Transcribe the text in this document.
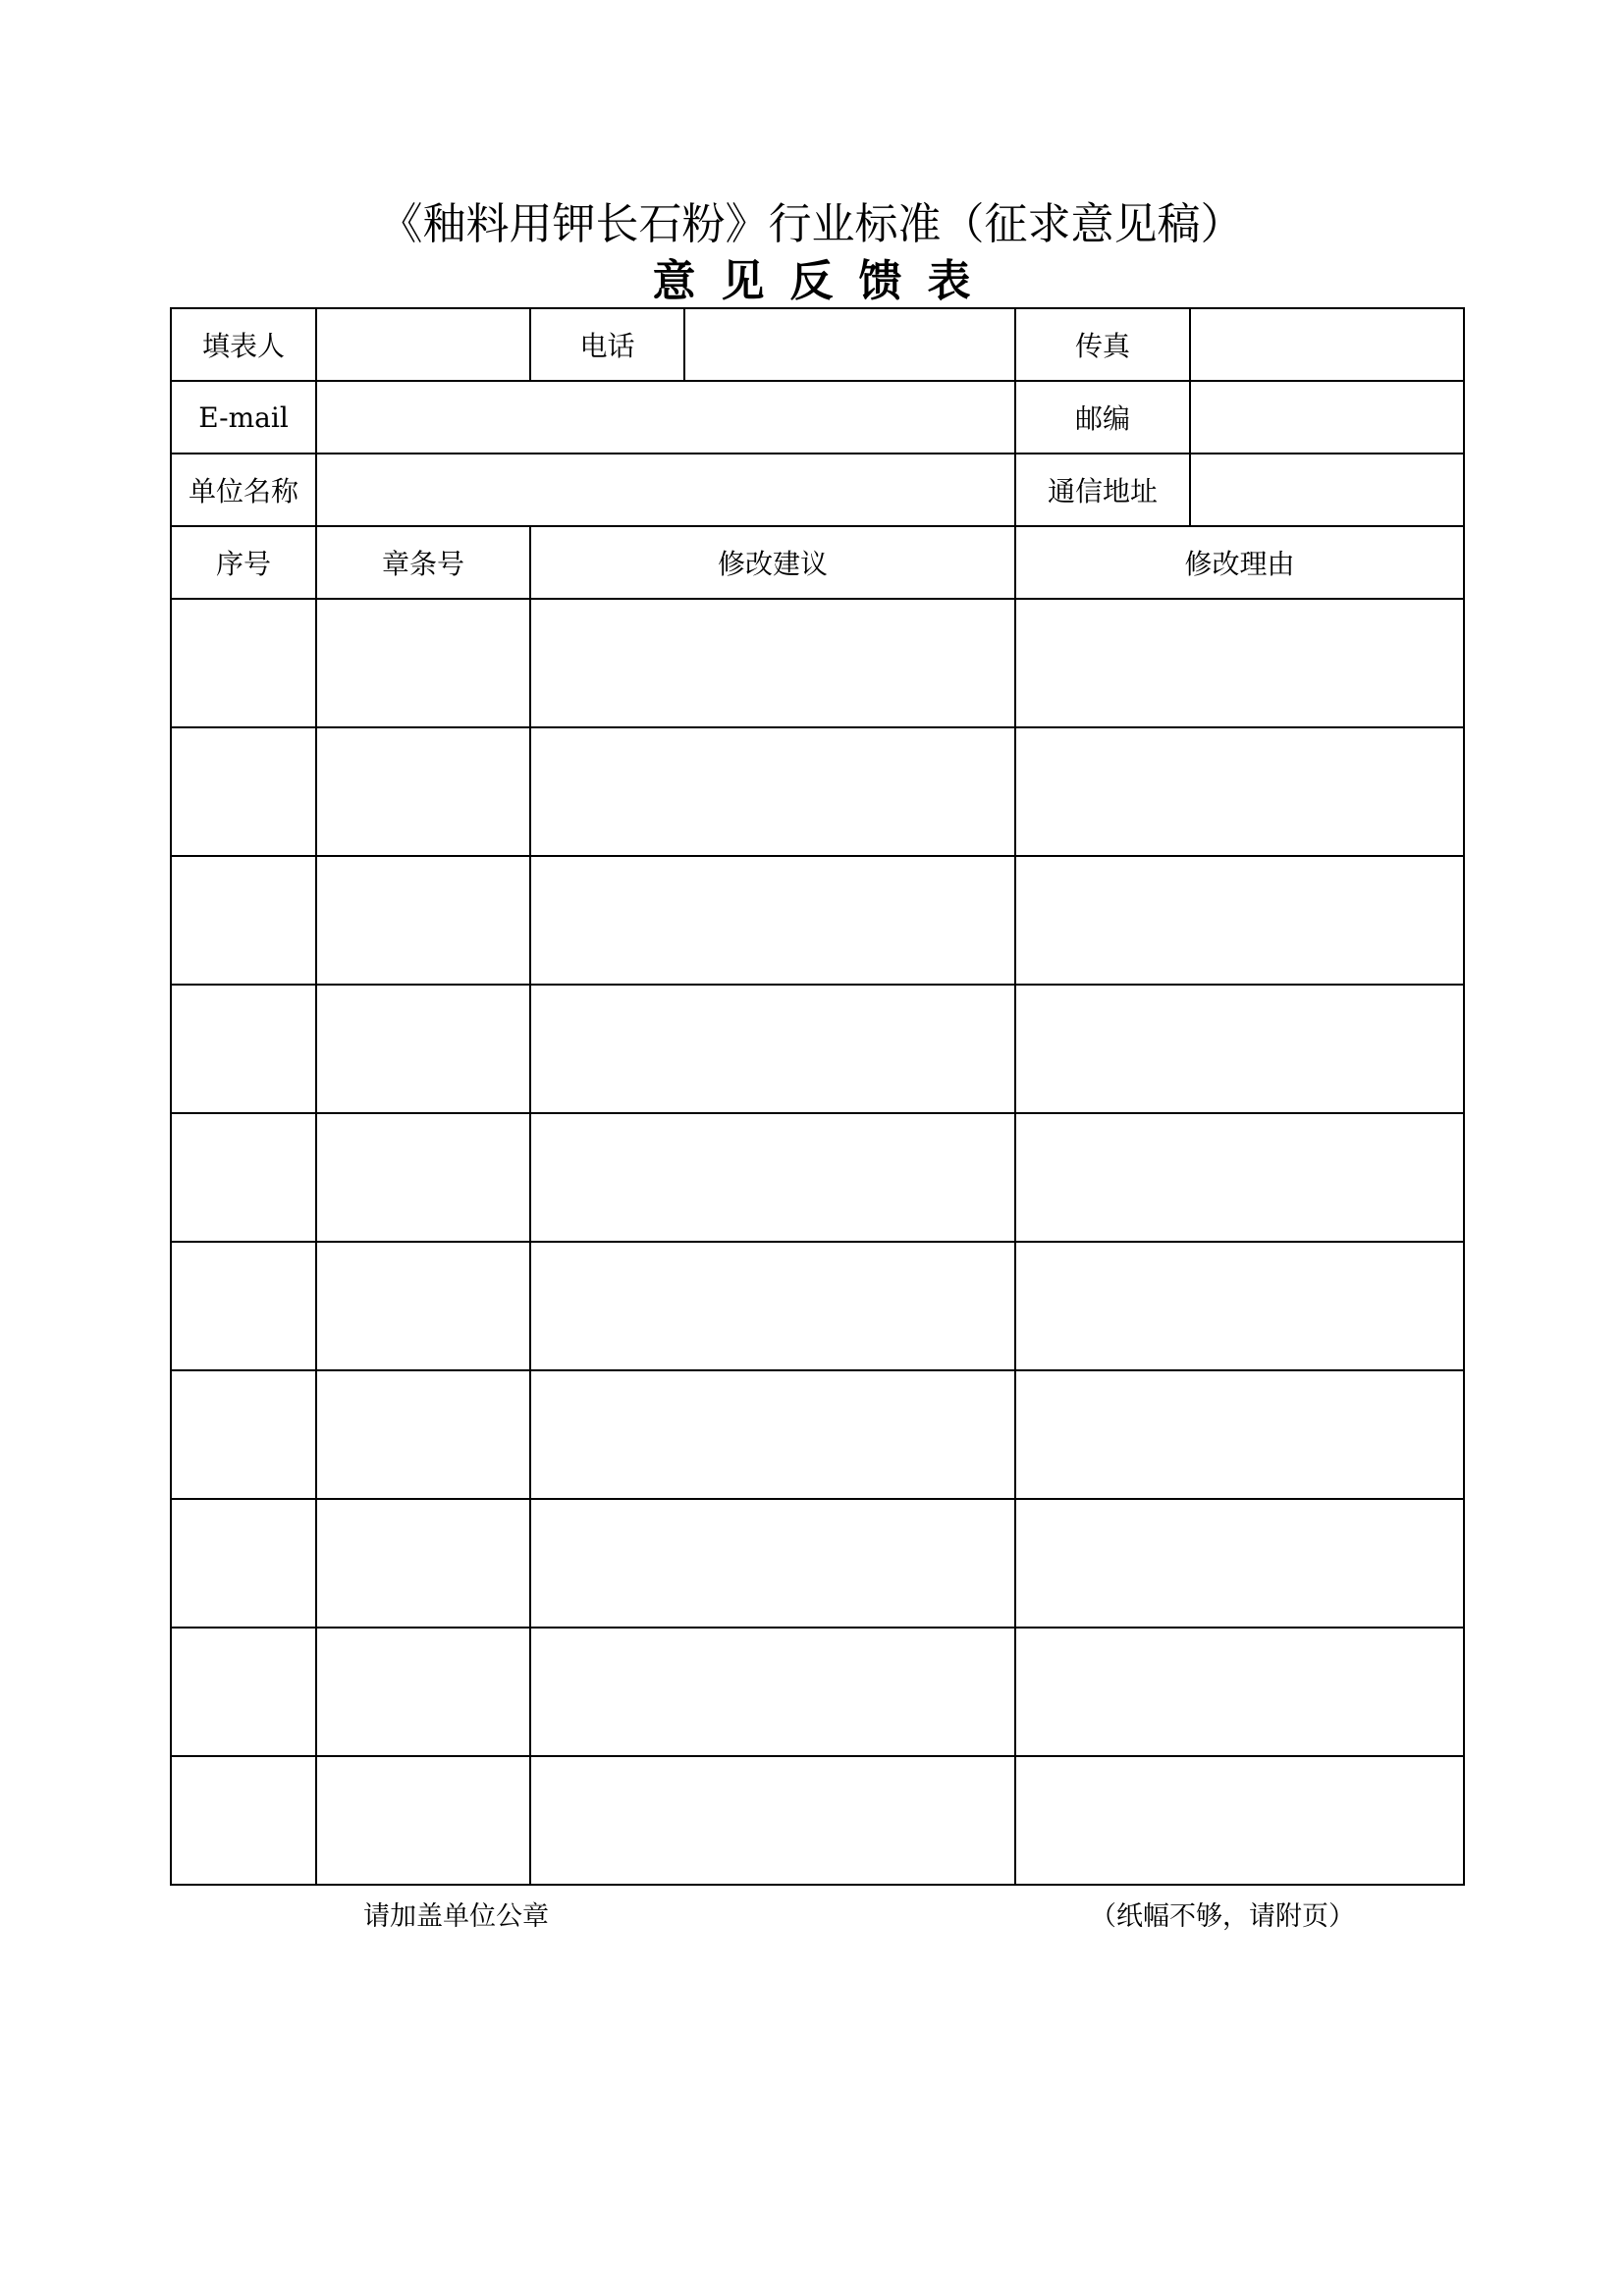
《釉料用钾长石粉》行业标准（征求意见稿）
意见反馈表
填表人		电话		传真	
E-mail				邮编	
单位名称				通信地址	
序号	章条号	修改建议		修改理由	

请加盖单位公章	（纸幅不够，请附页）
